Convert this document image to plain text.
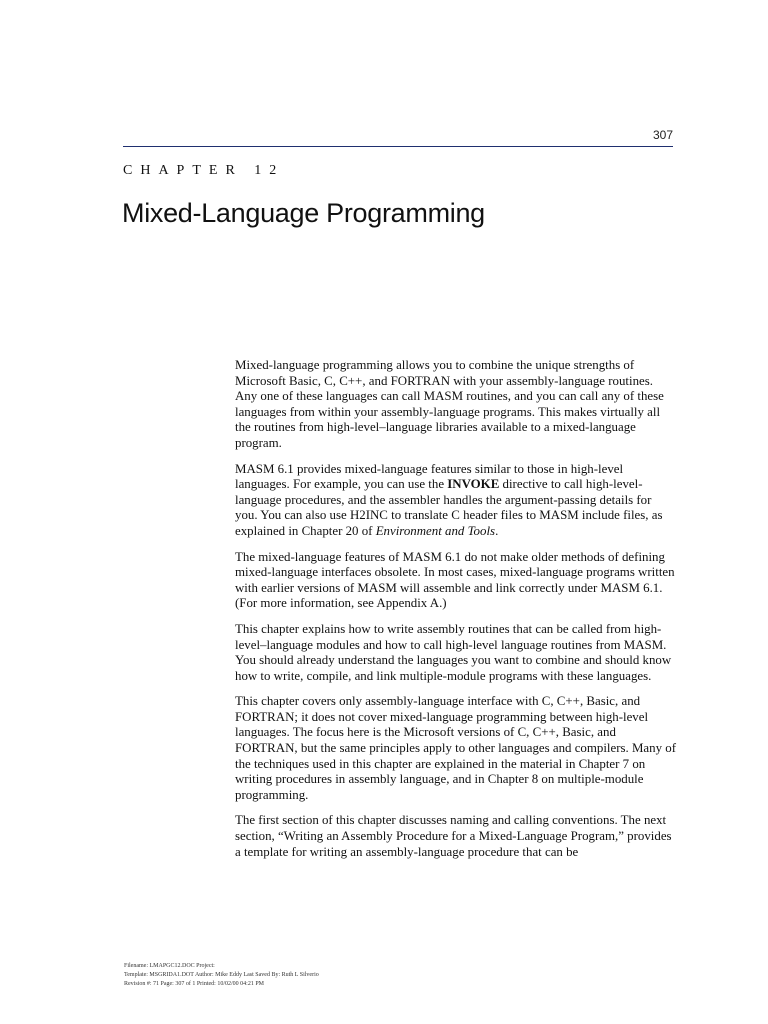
307
CHAPTER 12
Mixed-Language Programming

Mixed-language programming allows you to combine the unique strengths of Microsoft Basic, C, C++, and FORTRAN with your assembly-language routines. Any one of these languages can call MASM routines, and you can call any of these languages from within your assembly-language programs. This makes virtually all the routines from high-level–language libraries available to a mixed-language program.

MASM 6.1 provides mixed-language features similar to those in high-level languages. For example, you can use the INVOKE directive to call high-level-language procedures, and the assembler handles the argument-passing details for you. You can also use H2INC to translate C header files to MASM include files, as explained in Chapter 20 of Environment and Tools.

The mixed-language features of MASM 6.1 do not make older methods of defining mixed-language interfaces obsolete. In most cases, mixed-language programs written with earlier versions of MASM will assemble and link correctly under MASM 6.1. (For more information, see Appendix A.)

This chapter explains how to write assembly routines that can be called from high-level–language modules and how to call high-level language routines from MASM. You should already understand the languages you want to combine and should know how to write, compile, and link multiple-module programs with these languages.

This chapter covers only assembly-language interface with C, C++, Basic, and FORTRAN; it does not cover mixed-language programming between high-level languages. The focus here is the Microsoft versions of C, C++, Basic, and FORTRAN, but the same principles apply to other languages and compilers. Many of the techniques used in this chapter are explained in the material in Chapter 7 on writing procedures in assembly language, and in Chapter 8 on multiple-module programming.

The first section of this chapter discusses naming and calling conventions. The next section, “Writing an Assembly Procedure for a Mixed-Language Program,” provides a template for writing an assembly-language procedure that can be

Filename: LMAPGC12.DOC Project:
Template: MSGRIDA1.DOT Author: Mike Eddy Last Saved By: Ruth L Silverio
Revision #: 71 Page: 307 of 1 Printed: 10/02/00 04:21 PM
